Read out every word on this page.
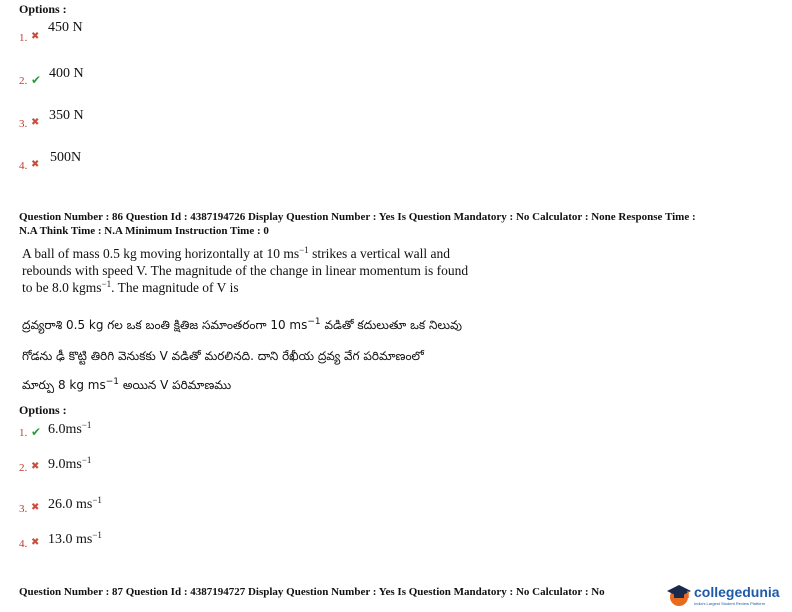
Options :
1. ✖
450 N
2. ✔ 400 N
3. ✖ 350 N
4. ✖ 500N
Question Number : 86 Question Id : 4387194726 Display Question Number : Yes Is Question Mandatory : No Calculator : None Response Time :
N.A Think Time : N.A Minimum Instruction Time : 0
A ball of mass 0.5 kg moving horizontally at 10 $ms^{-1}$ strikes a vertical wall and
rebounds with speed V. The magnitude of the change in linear momentum is found
to be 8.0 kgms$^{-1}$. The magnitude of V is
ద్రవ్యరాశి 0.5 kg గల ఒక బంతి క్షితిజ సమాంతరంగా 10 $ms^{-1}$ వడితో కదులుతూ ఒక నిలువు
గోడను ఢీ కొట్టి తిరిగి వెనుకకు V వడితో మరలినది. దాని రేఖీయ ద్రవ్య వేగ పరిమాణంలో
మార్పు 8 kg $ms^{-1}$ అయిన V పరిమాణము
Options :
1. ✔ $6.0ms^{-1}$
2. ✖ $9.0ms^{-1}$
3. ✖ 26.0 $ms^{-1}$
4. ✖ 13.0 $ms^{-1}$
Question Number : 87 Question Id : 4387194727 Display Question Number : Yes Is Question Mandatory : No Calculator : No	collegedunia
India's Largest Student Review Platform
